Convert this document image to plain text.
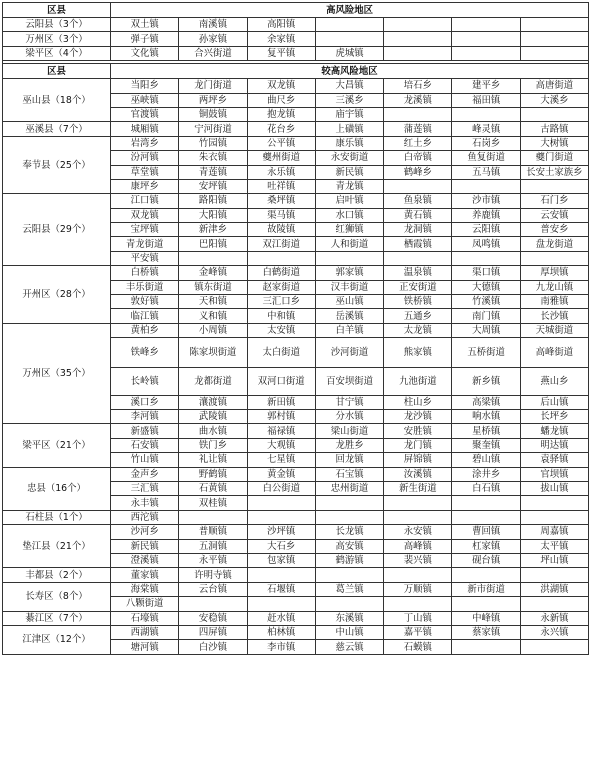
区县	高风险地区						
云阳县（3个）	双土镇	南溪镇	高阳镇				
万州区（3个）	弹子镇	孙家镇	余家镇				
梁平区（4个）	文化镇	合兴街道	复平镇	虎城镇			

区县	较高风险地区						
巫山县（18个）	当阳乡	龙门街道	双龙镇	大昌镇	培石乡	建平乡	高唐街道
	巫峡镇	两坪乡	曲尺乡	三溪乡	龙溪镇	福田镇	大溪乡
	官渡镇	铜鼓镇	抱龙镇	庙宇镇			
巫溪县（7个）	城厢镇	宁河街道	花台乡	上磺镇	蒲莲镇	峰灵镇	古路镇
奉节县（25个）	岩湾乡	竹园镇	公平镇	康乐镇	红土乡	石岗乡	大树镇
	汾河镇	朱衣镇	夔州街道	永安街道	白帝镇	鱼复街道	夔门街道
	草堂镇	青莲镇	永乐镇	新民镇	鹤峰乡	五马镇	长安土家族乡
	康坪乡	安坪镇	吐祥镇	青龙镇			
云阳县（29个）	江口镇	路阳镇	桑坪镇	启叶镇	鱼泉镇	沙市镇	石门乡
	双龙镇	大阳镇	渠马镇	水口镇	黄石镇	养鹿镇	云安镇
	宝坪镇	新津乡	故陵镇	红狮镇	龙洞镇	云阳镇	普安乡
	青龙街道	巴阳镇	双江街道	人和街道	栖霞镇	凤鸣镇	盘龙街道
	平安镇						
开州区（28个）	白桥镇	金峰镇	白鹤街道	郭家镇	温泉镇	渠口镇	厚坝镇
	丰乐街道	镇东街道	赵家街道	汉丰街道	正安街道	大德镇	九龙山镇
	敦好镇	天和镇	三汇口乡	巫山镇	铁桥镇	竹溪镇	南雅镇
	临江镇	义和镇	中和镇	岳溪镇	五通乡	南门镇	长沙镇
万州区（35个）	黄柏乡	小周镇	太安镇	白羊镇	太龙镇	大周镇	天城街道
	铁峰乡	陈家坝街道	太白街道	沙河街道	熊家镇	五桥街道	高峰街道
	长岭镇	龙都街道	双河口街道	百安坝街道	九池街道	新乡镇	燕山乡
	溪口乡	瀼渡镇	新田镇	甘宁镇	柱山乡	高梁镇	后山镇
	李河镇	武陵镇	郭村镇	分水镇	龙沙镇	响水镇	长坪乡
梁平区（21个）	新盛镇	曲水镇	福禄镇	梁山街道	安胜镇	星桥镇	蟠龙镇
	石安镇	铁门乡	大观镇	龙胜乡	龙门镇	聚奎镇	明达镇
	竹山镇	礼让镇	七星镇	回龙镇	屏锦镇	碧山镇	袁驿镇
忠县（16个）	金声乡	野鹤镇	黄金镇	石宝镇	汝溪镇	涂井乡	官坝镇
	三汇镇	石黄镇	白公街道	忠州街道	新生街道	白石镇	拔山镇
	永丰镇	双桂镇					
石柱县（1个）	西沱镇						
垫江县（21个）	沙河乡	普顺镇	沙坪镇	长龙镇	永安镇	曹回镇	周嘉镇
	新民镇	五洞镇	大石乡	高安镇	高峰镇	杠家镇	太平镇
	澄溪镇	永平镇	包家镇	鹤游镇	裴兴镇	砚台镇	坪山镇
丰都县（2个）	董家镇	许明寺镇					
长寿区（8个）	海棠镇	云台镇	石堰镇	葛兰镇	万顺镇	新市街道	洪湖镇
	八颗街道						
綦江区（7个）	石壕镇	安稳镇	赶水镇	东溪镇	丁山镇	中峰镇	永新镇
江津区（12个）	西湖镇	四屏镇	柏林镇	中山镇	嘉平镇	蔡家镇	永兴镇
	塘河镇	白沙镇	李市镇	慈云镇	石蟆镇		
